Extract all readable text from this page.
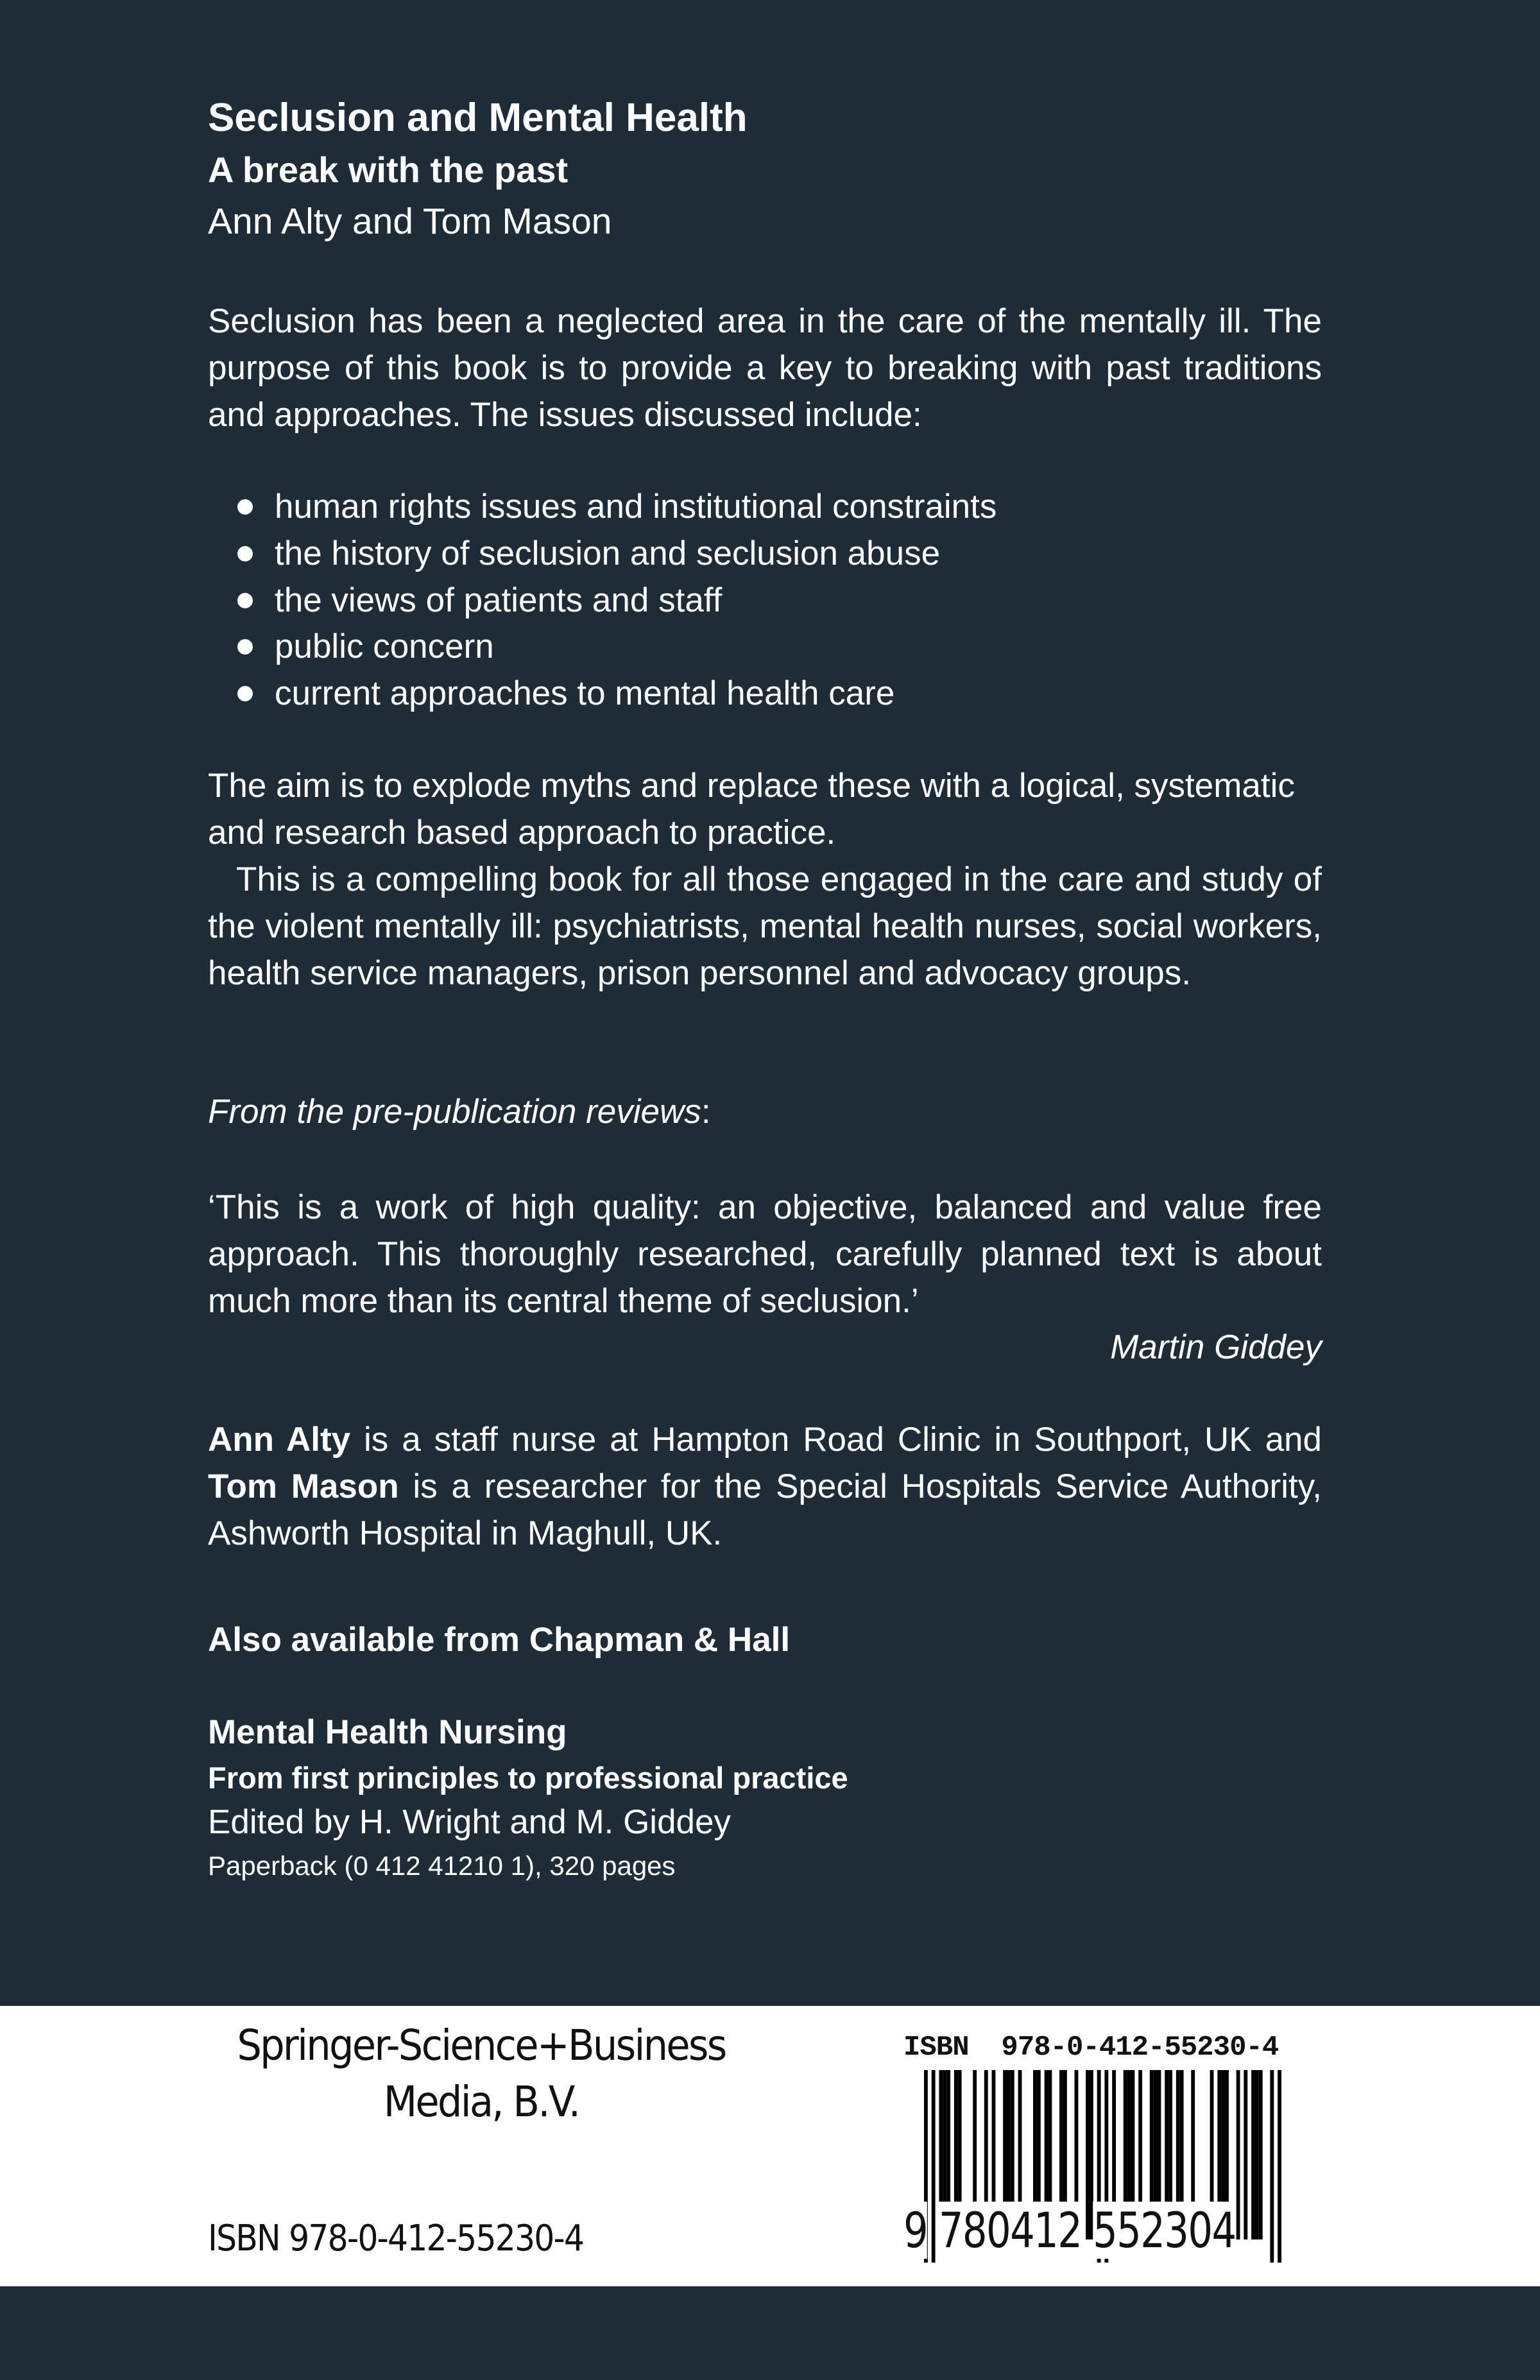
Seclusion and Mental Health
A break with the past
Ann Alty and Tom Mason
Seclusion has been a neglected area in the care of the mentally ill. The purpose of this book is to provide a key to breaking with past traditions and approaches. The issues discussed include:
human rights issues and institutional constraints
the history of seclusion and seclusion abuse
the views of patients and staff
public concern
current approaches to mental health care
The aim is to explode myths and replace these with a logical, systematic and research based approach to practice.
This is a compelling book for all those engaged in the care and study of the violent mentally ill: psychiatrists, mental health nurses, social workers, health service managers, prison personnel and advocacy groups.
From the pre-publication reviews:
‘This is a work of high quality: an objective, balanced and value free approach. This thoroughly researched, carefully planned text is about much more than its central theme of seclusion.’
Martin Giddey
Ann Alty is a staff nurse at Hampton Road Clinic in Southport, UK and Tom Mason is a researcher for the Special Hospitals Service Authority, Ashworth Hospital in Maghull, UK.
Also available from Chapman & Hall
Mental Health Nursing
From first principles to professional practice
Edited by H. Wright and M. Giddey
Paperback (0 412 41210 1), 320 pages
Springer-Science+Business
Media, B.V.
ISBN 978-0-412-55230-4
ISBN  978-0-412-55230-4
9 780412 552304
